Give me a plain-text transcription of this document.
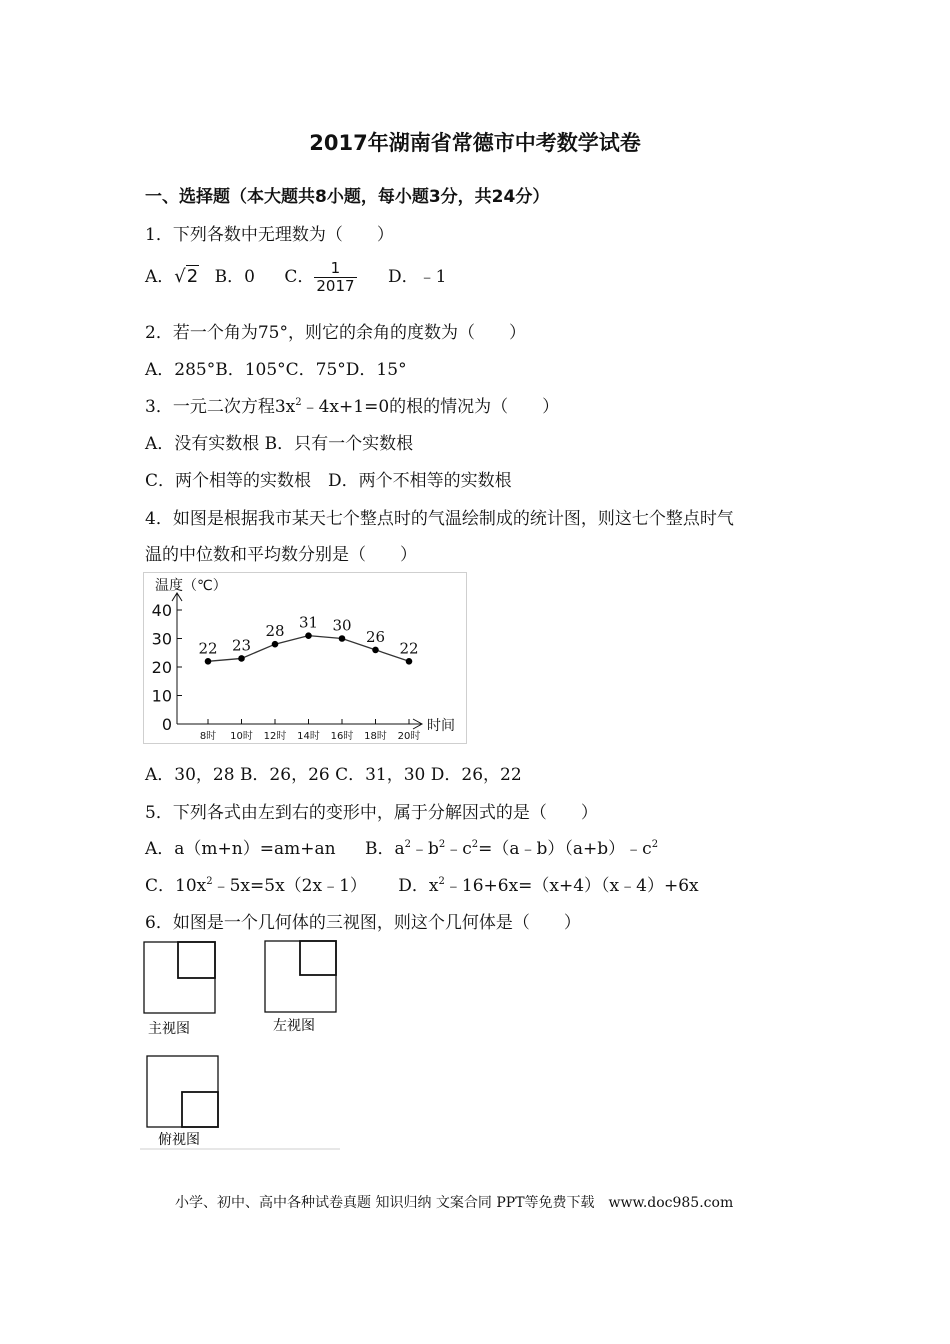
2017年湖南省常德市中考数学试卷
一、选择题（本大题共8小题，每小题3分，共24分）
1．下列各数中无理数为（　　）
A．√2 B．0 C． $\frac{1}{2017}$ D．﹣1
2．若一个角为75°，则它的余角的度数为（　　）
A．285°B．105°C．75°D．15°
3．一元二次方程$3x^2﹣4x+1=0$的根的情况为（　　）
A．没有实数根 B．只有一个实数根
C．两个相等的实数根　D．两个不相等的实数根
4．如图是根据我市某天七个整点时的气温绘制成的统计图，则这七个整点时气
温的中位数和平均数分别是（　　）
温度（℃）
时间
0
10
20
30
40
8时 10时 12时 14时 16时 18时 20时
22 23
28 31 30
26
22
A．30，28 B．26，26 C．31，30 D．26，22
5．下列各式由左到右的变形中，属于分解因式的是（　　）
A．a（m+n）=am+an B．$a^2﹣b^2﹣c^2=(a﹣b)(a+b)﹣c^2$
C．$10x^2﹣5x=5x(2x﹣1)$ D．$x^2﹣16+6x=(x+4)(x﹣4)+6x$
6．如图是一个几何体的三视图，则这个几何体是（　　）
主视图	左视图
俯视图
小学、初中、高中各种试卷真题 知识归纳 文案合同 PPT等免费下载　www.doc985.com
